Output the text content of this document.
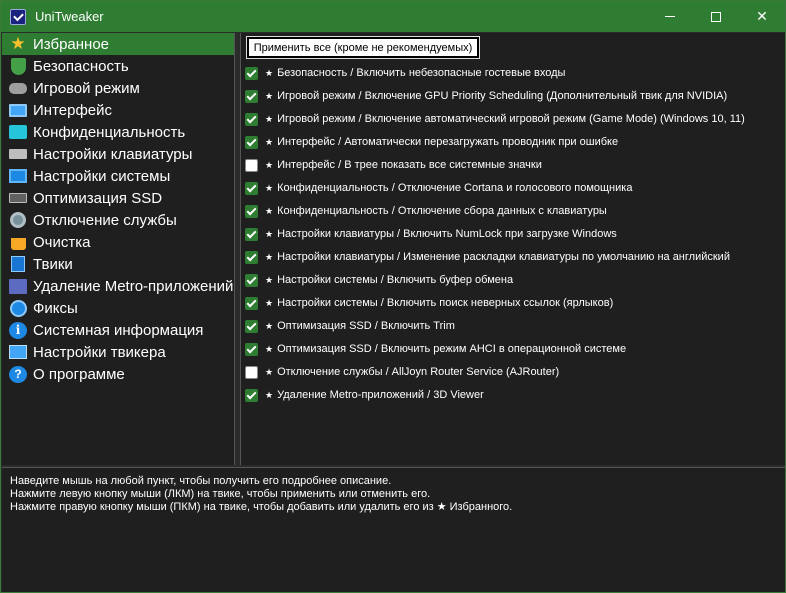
UniTweaker	✕
★ Избранное
Безопасность
Игровой режим
Интерфейс
Конфиденциальность
Настройки клавиатуры
Настройки системы
Оптимизация SSD
Отключение службы
Очистка
Твики
Удаление Metro-приложений
Фиксы
i Системная информация
Настройки твикера
? О программе
Применить все (кроме не рекомендуемых)
★ Безопасность / Включить небезопасные гостевые входы
★ Игровой режим / Включение GPU Priority Scheduling (Дополнительный твик для NVIDIA)
★ Игровой режим / Включение автоматический игровой режим (Game Mode) (Windows 10, 11)
★ Интерфейс / Автоматически перезагружать проводник при ошибке
★ Интерфейс / В трее показать все системные значки
★ Конфиденциальность / Отключение Cortana и голосового помощника
★ Конфиденциальность / Отключение сбора данных с клавиатуры
★ Настройки клавиатуры / Включить NumLock при загрузке Windows
★ Настройки клавиатуры / Изменение раскладки клавиатуры по умолчанию на английский
★ Настройки системы / Включить буфер обмена
★ Настройки системы / Включить поиск неверных ссылок (ярлыков)
★ Оптимизация SSD / Включить Trim
★ Оптимизация SSD / Включить режим AHCI в операционной системе
★ Отключение службы / AllJoyn Router Service (AJRouter)
★ Удаление Metro-приложений / 3D Viewer
Наведите мышь на любой пункт, чтобы получить его подробнее описание.
Нажмите левую кнопку мыши (ЛКМ) на твике, чтобы применить или отменить его.
Нажмите правую кнопку мыши (ПКМ) на твике, чтобы добавить или удалить его из ★ Избранного.
